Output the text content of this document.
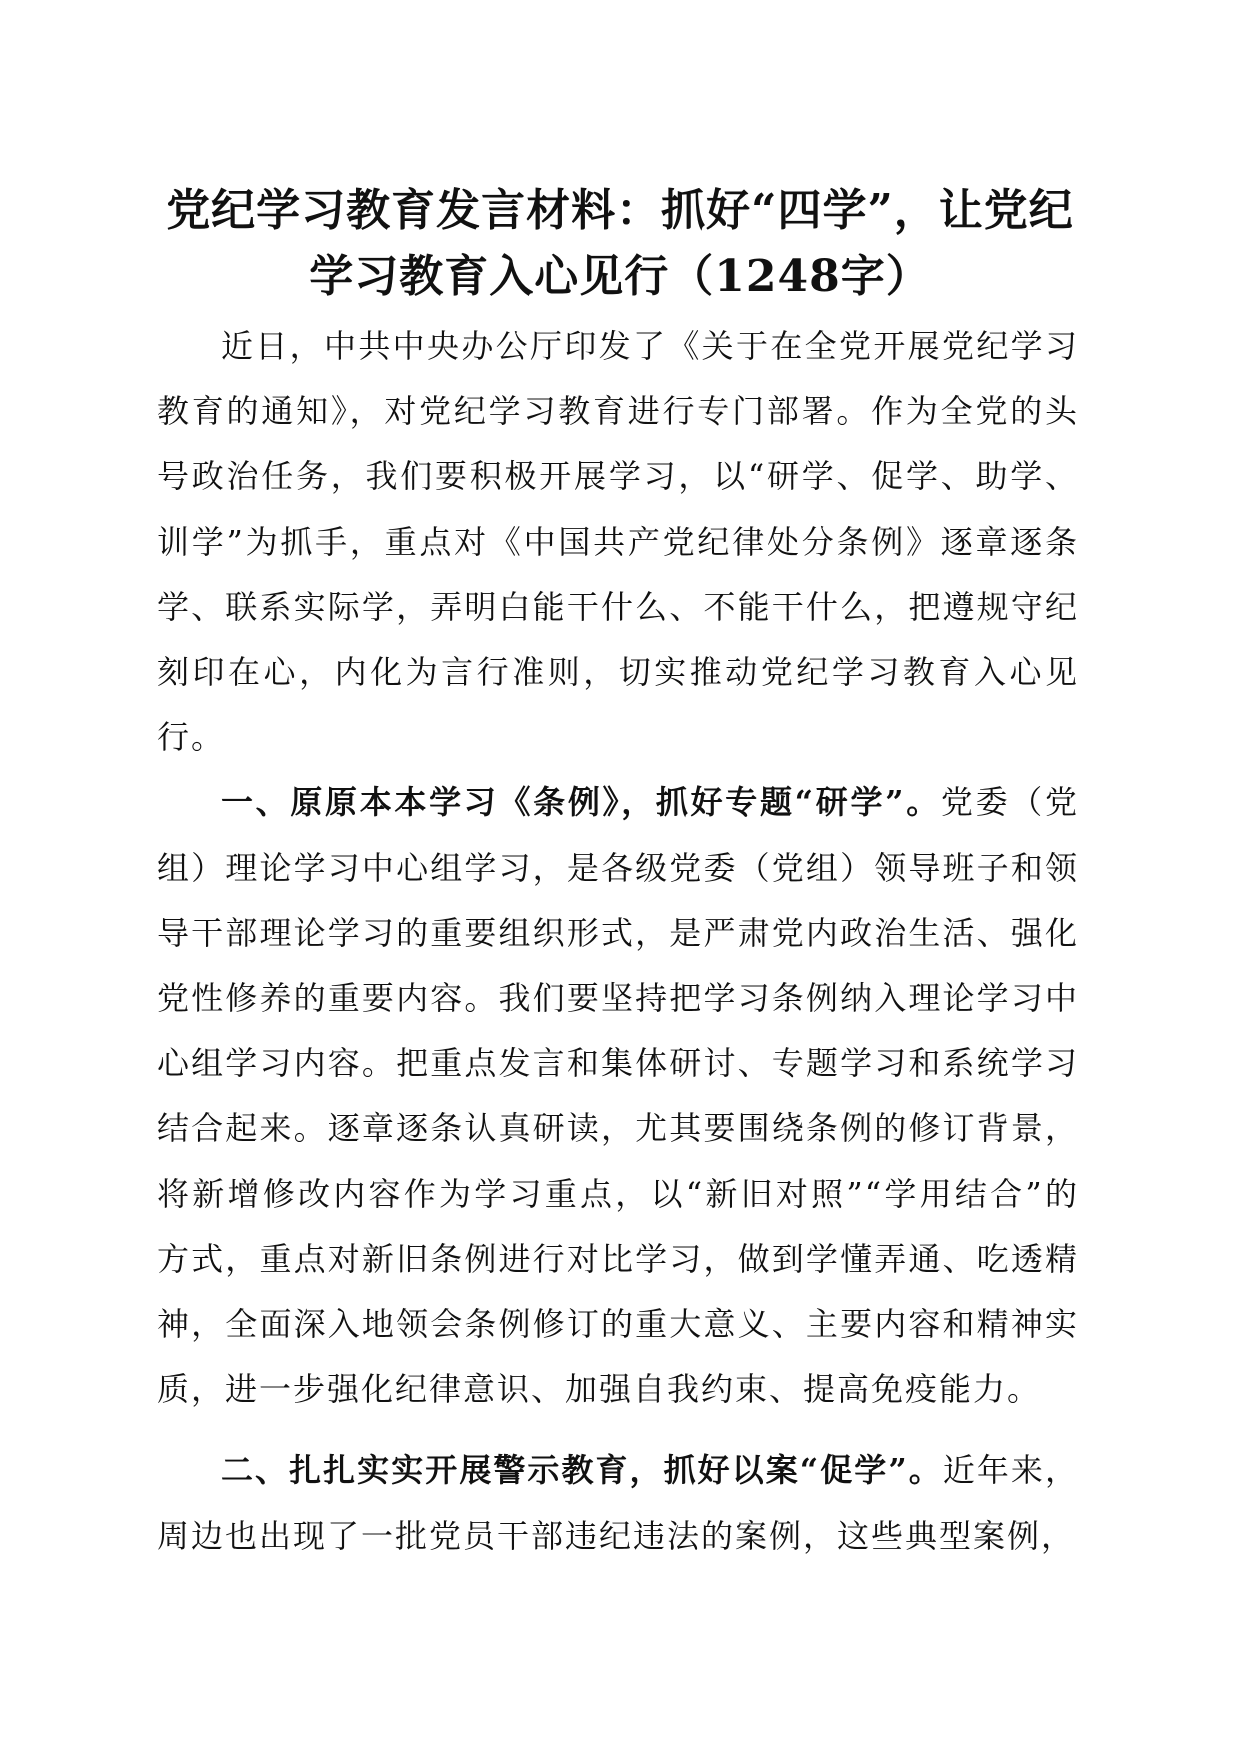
党纪学习教育发言材料：抓好“四学”，让党纪学习教育入心见行（1248字）

近日，中共中央办公厅印发了《关于在全党开展党纪学习教育的通知》，对党纪学习教育进行专门部署。作为全党的头号政治任务，我们要积极开展学习，以“研学、促学、助学、训学”为抓手，重点对《中国共产党纪律处分条例》逐章逐条学、联系实际学，弄明白能干什么、不能干什么，把遵规守纪刻印在心，内化为言行准则，切实推动党纪学习教育入心见行。

一、原原本本学习《条例》，抓好专题“研学”。党委（党组）理论学习中心组学习，是各级党委（党组）领导班子和领导干部理论学习的重要组织形式，是严肃党内政治生活、强化党性修养的重要内容。我们要坚持把学习条例纳入理论学习中心组学习内容。把重点发言和集体研讨、专题学习和系统学习结合起来。逐章逐条认真研读，尤其要围绕条例的修订背景，将新增修改内容作为学习重点，以“新旧对照”“学用结合”的方式，重点对新旧条例进行对比学习，做到学懂弄通、吃透精神，全面深入地领会条例修订的重大意义、主要内容和精神实质，进一步强化纪律意识、加强自我约束、提高免疫能力。

二、扎扎实实开展警示教育，抓好以案“促学”。近年来，周边也出现了一批党员干部违纪违法的案例，这些典型案例，
